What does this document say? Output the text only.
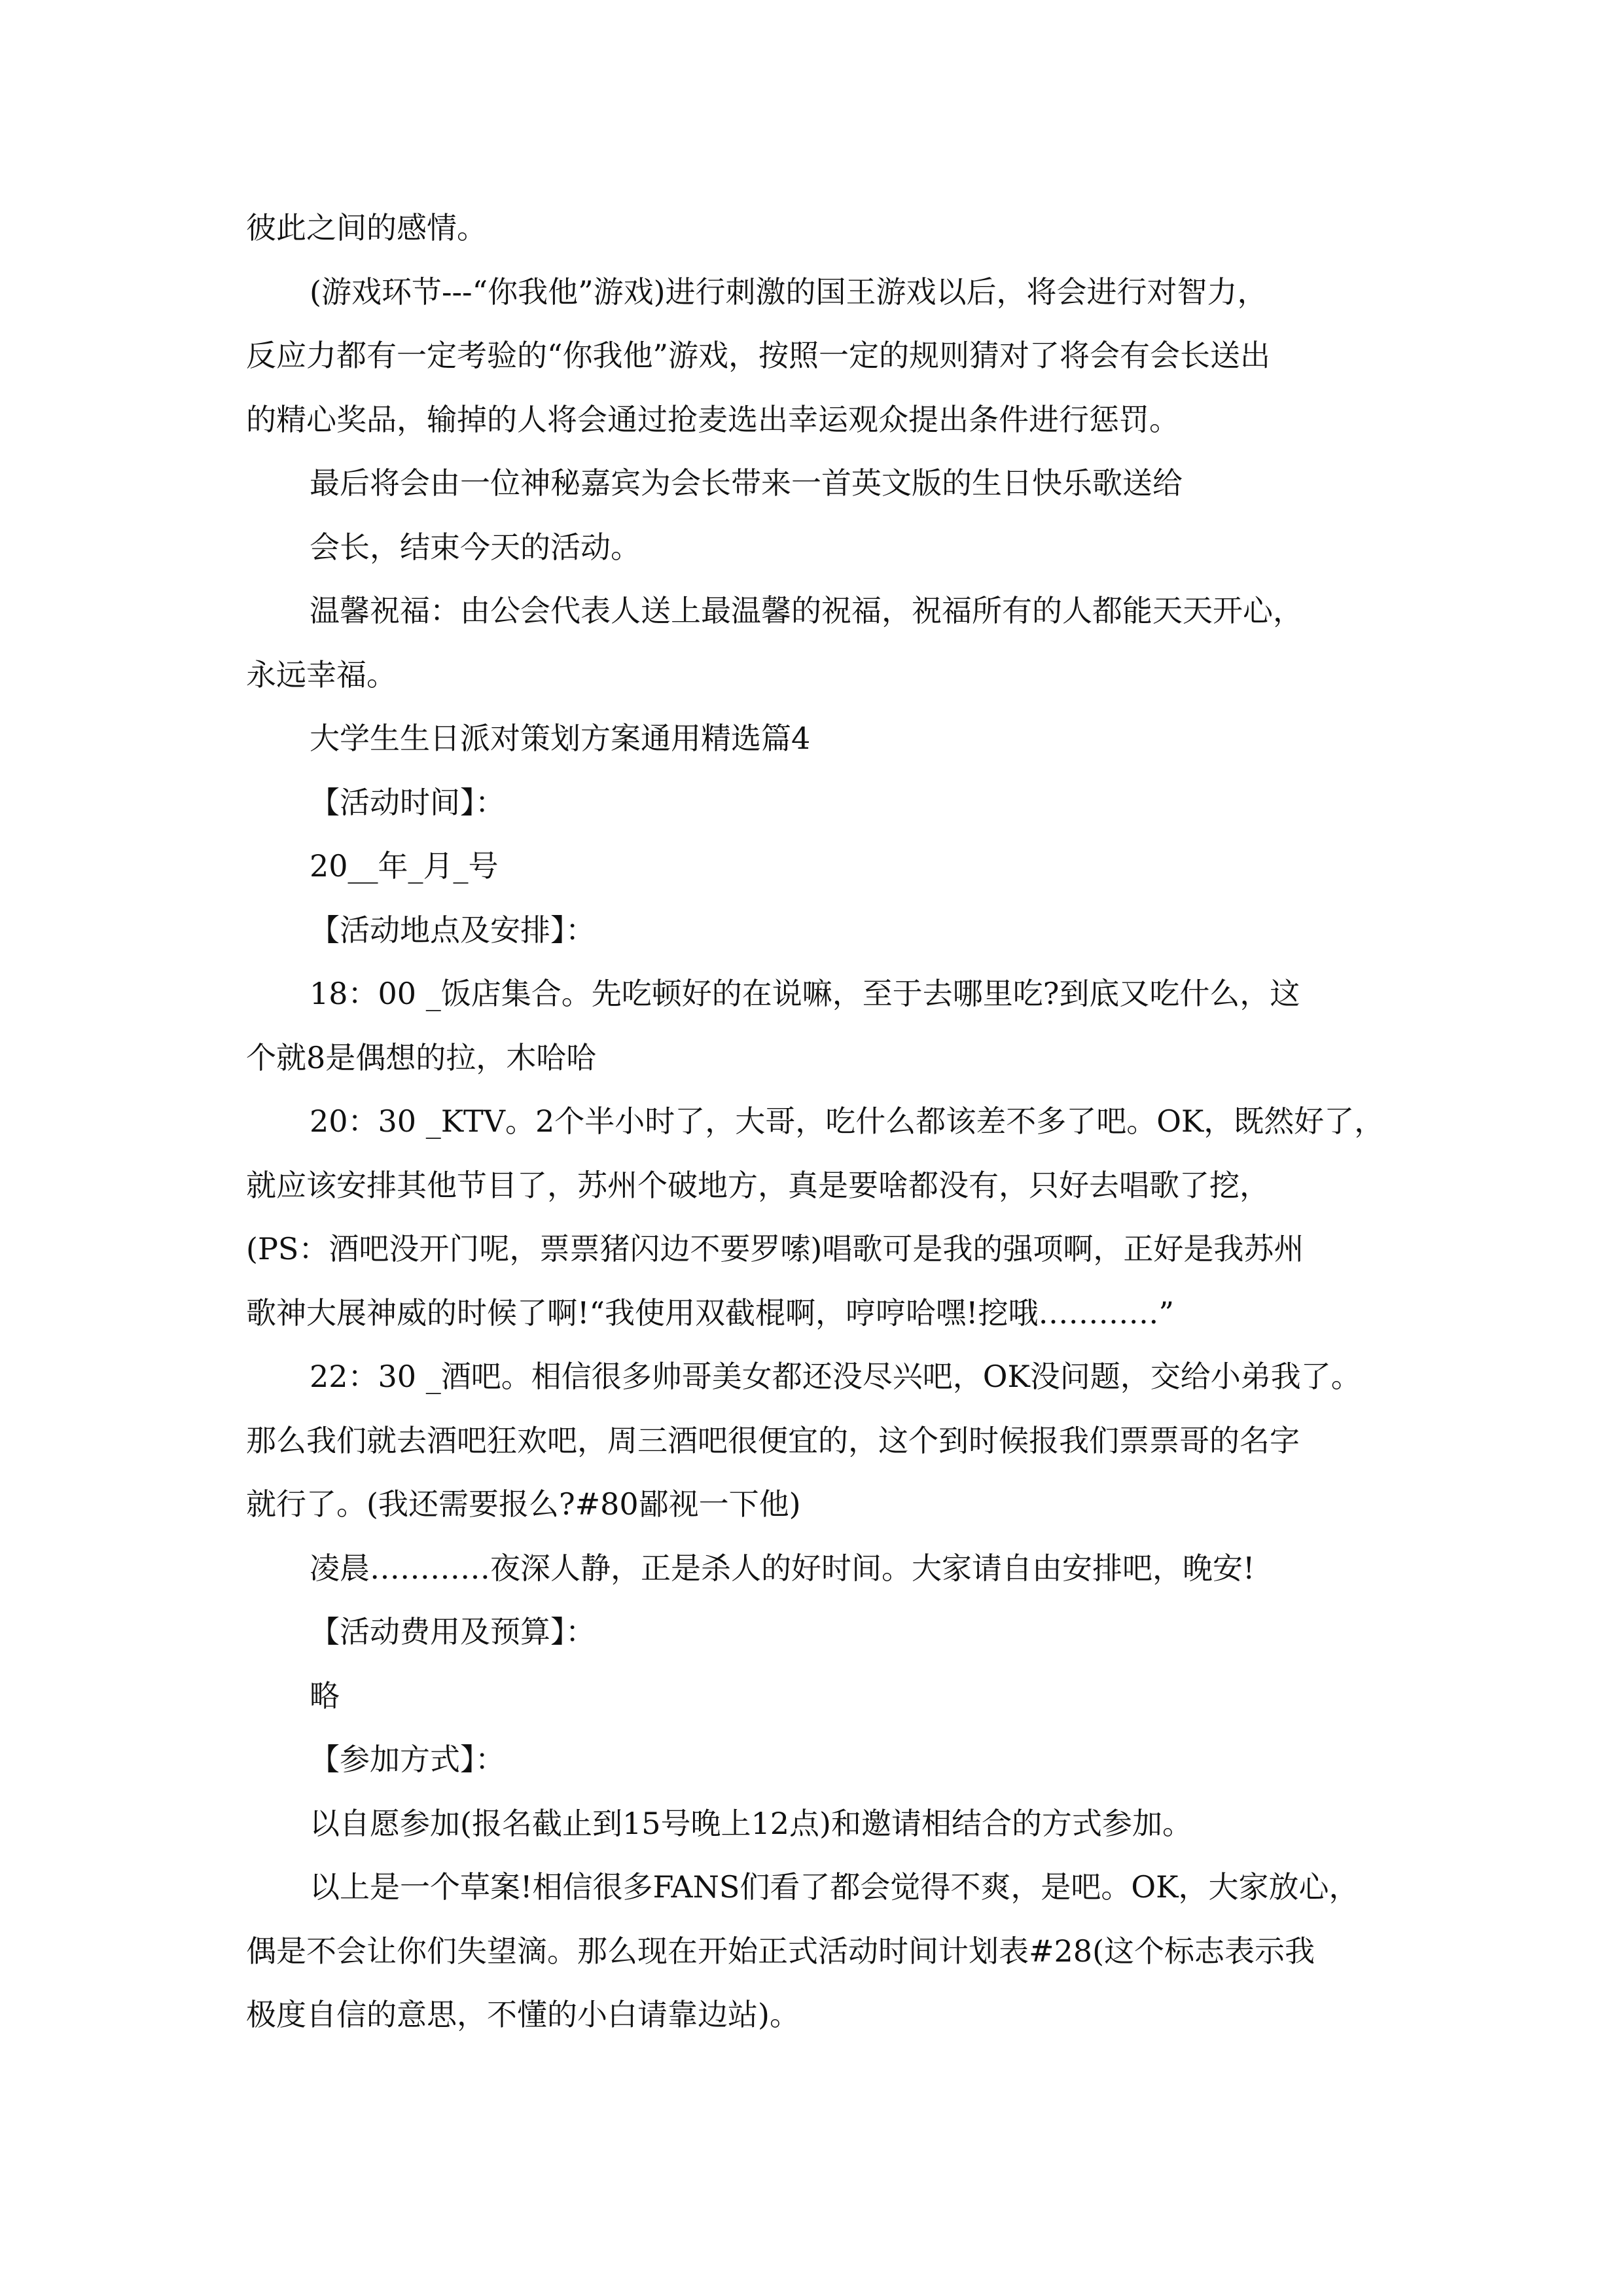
彼此之间的感情。
(游戏环节---“你我他”游戏)进行刺激的国王游戏以后，将会进行对智力，
反应力都有一定考验的“你我他”游戏，按照一定的规则猜对了将会有会长送出
的精心奖品，输掉的人将会通过抢麦选出幸运观众提出条件进行惩罚。
最后将会由一位神秘嘉宾为会长带来一首英文版的生日快乐歌送给
会长，结束今天的活动。
温馨祝福：由公会代表人送上最温馨的祝福，祝福所有的人都能天天开心，
永远幸福。
大学生生日派对策划方案通用精选篇4
【活动时间】：
20__年_月_号
【活动地点及安排】：
18：00 _饭店集合。先吃顿好的在说嘛，至于去哪里吃?到底又吃什么，这
个就8是偶想的拉，木哈哈
20：30 _KTV。2个半小时了，大哥，吃什么都该差不多了吧。OK，既然好了，
就应该安排其他节目了，苏州个破地方，真是要啥都没有，只好去唱歌了挖，
(PS：酒吧没开门呢，票票猪闪边不要罗嗦)唱歌可是我的强项啊，正好是我苏州
歌神大展神威的时候了啊!“我使用双截棍啊，哼哼哈嘿!挖哦…………”
22：30 _酒吧。相信很多帅哥美女都还没尽兴吧，OK没问题，交给小弟我了。
那么我们就去酒吧狂欢吧，周三酒吧很便宜的，这个到时候报我们票票哥的名字
就行了。(我还需要报么?#80鄙视一下他)
凌晨…………夜深人静，正是杀人的好时间。大家请自由安排吧，晚安!
【活动费用及预算】：
略
【参加方式】：
以自愿参加(报名截止到15号晚上12点)和邀请相结合的方式参加。
以上是一个草案!相信很多FANS们看了都会觉得不爽，是吧。OK，大家放心，
偶是不会让你们失望滴。那么现在开始正式活动时间计划表#28(这个标志表示我
极度自信的意思，不懂的小白请靠边站)。
